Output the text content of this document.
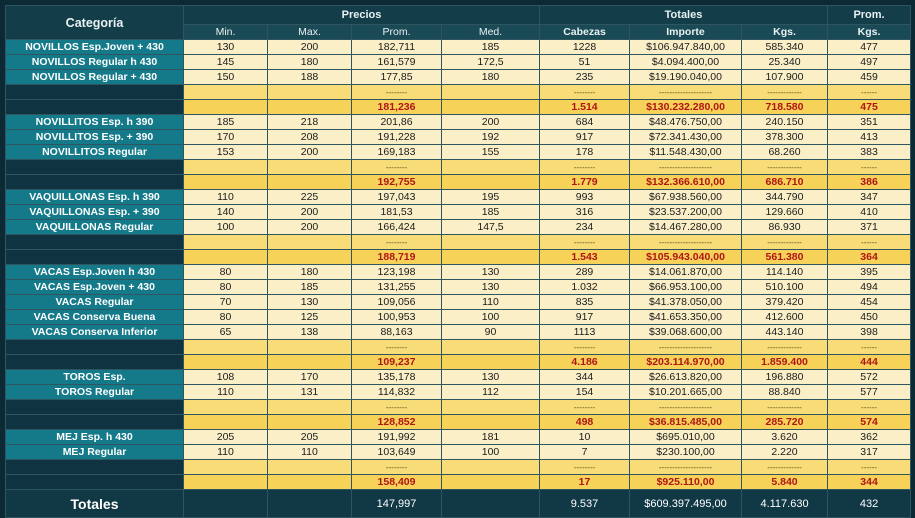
Categoría	Precios				Totales			Prom.
	Min.	Max.	Prom.	Med.	Cabezas	Importe	Kgs.	Kgs.
NOVILLOS Esp.Joven + 430	130	200	182,711	185	1228	$106.947.840,00	585.340	477
NOVILLOS Regular h 430	145	180	161,579	172,5	51	$4.094.400,00	25.340	497
NOVILLOS Regular + 430	150	188	177,85	180	235	$19.190.040,00	107.900	459
			--------		--------	--------------------	-------------	------
			181,236		1.514	$130.232.280,00	718.580	475
NOVILLITOS Esp. h 390	185	218	201,86	200	684	$48.476.750,00	240.150	351
NOVILLITOS Esp. + 390	170	208	191,228	192	917	$72.341.430,00	378.300	413
NOVILLITOS Regular	153	200	169,183	155	178	$11.548.430,00	68.260	383
			--------		--------	--------------------	-------------	------
			192,755		1.779	$132.366.610,00	686.710	386
VAQUILLONAS Esp. h 390	110	225	197,043	195	993	$67.938.560,00	344.790	347
VAQUILLONAS Esp. + 390	140	200	181,53	185	316	$23.537.200,00	129.660	410
VAQUILLONAS Regular	100	200	166,424	147,5	234	$14.467.280,00	86.930	371
			--------		--------	--------------------	-------------	------
			188,719		1.543	$105.943.040,00	561.380	364
VACAS Esp.Joven h 430	80	180	123,198	130	289	$14.061.870,00	114.140	395
VACAS Esp.Joven + 430	80	185	131,255	130	1.032	$66.953.100,00	510.100	494
VACAS Regular	70	130	109,056	110	835	$41.378.050,00	379.420	454
VACAS Conserva Buena	80	125	100,953	100	917	$41.653.350,00	412.600	450
VACAS Conserva Inferior	65	138	88,163	90	1113	$39.068.600,00	443.140	398
			--------		--------	--------------------	-------------	------
			109,237		4.186	$203.114.970,00	1.859.400	444
TOROS Esp.	108	170	135,178	130	344	$26.613.820,00	196.880	572
TOROS Regular	110	131	114,832	112	154	$10.201.665,00	88.840	577
			--------		--------	--------------------	-------------	------
			128,852		498	$36.815.485,00	285.720	574
MEJ Esp. h 430	205	205	191,992	181	10	$695.010,00	3.620	362
MEJ Regular	110	110	103,649	100	7	$230.100,00	2.220	317
			--------		--------	--------------------	-------------	------
			158,409		17	$925.110,00	5.840	344
Totales			147,997		9.537	$609.397.495,00	4.117.630	432
